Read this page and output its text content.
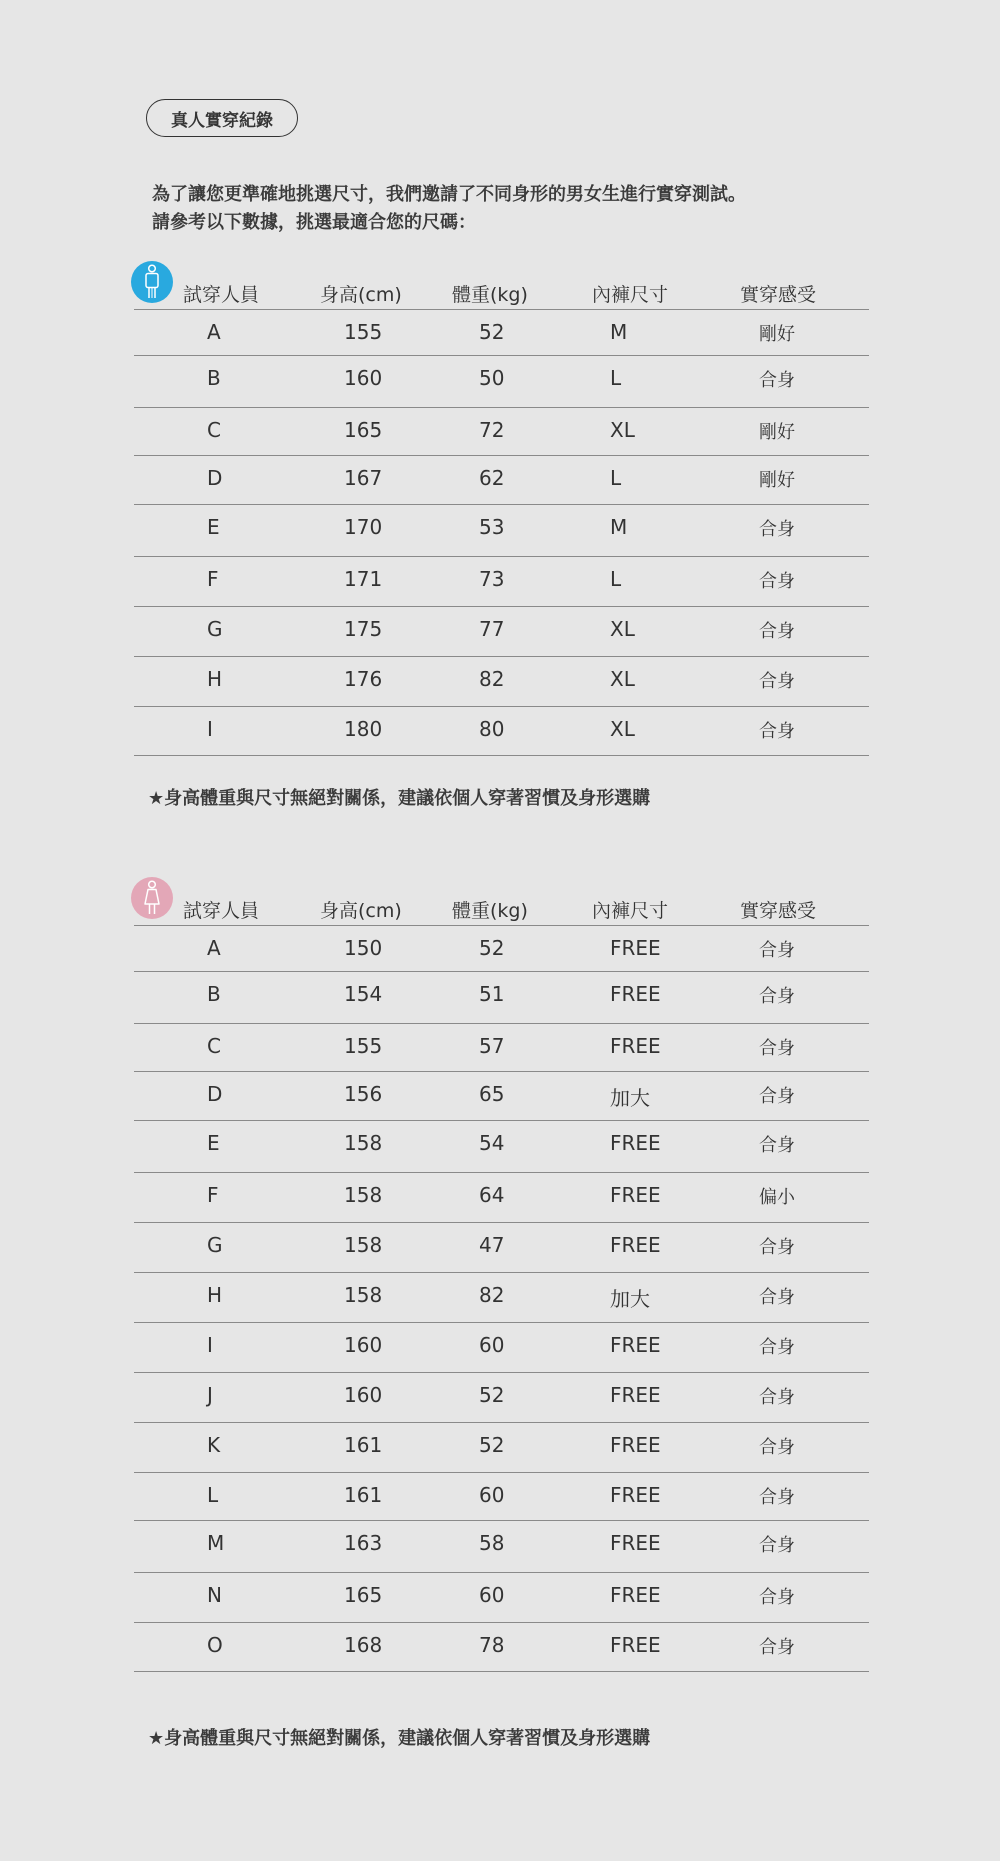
真人實穿紀錄
為了讓您更準確地挑選尺寸，我們邀請了不同身形的男女生進行實穿測試。
請參考以下數據，挑選最適合您的尺碼：
試穿人員	身高(cm)	體重(kg)	內褲尺寸	實穿感受
A	155	52	M	剛好
B	160	50	L	合身
C	165	72	XL	剛好
D	167	62	L	剛好
E	170	53	M	合身
F	171	73	L	合身
G	175	77	XL	合身
H	176	82	XL	合身
I	180	80	XL	合身
★身高體重與尺寸無絕對關係，建議依個人穿著習慣及身形選購
試穿人員	身高(cm)	體重(kg)	內褲尺寸	實穿感受
A	150	52	FREE	合身
B	154	51	FREE	合身
C	155	57	FREE	合身
D	156	65	加大	合身
E	158	54	FREE	合身
F	158	64	FREE	偏小
G	158	47	FREE	合身
H	158	82	加大	合身
I	160	60	FREE	合身
J	160	52	FREE	合身
K	161	52	FREE	合身
L	161	60	FREE	合身
M	163	58	FREE	合身
N	165	60	FREE	合身
O	168	78	FREE	合身
★身高體重與尺寸無絕對關係，建議依個人穿著習慣及身形選購
